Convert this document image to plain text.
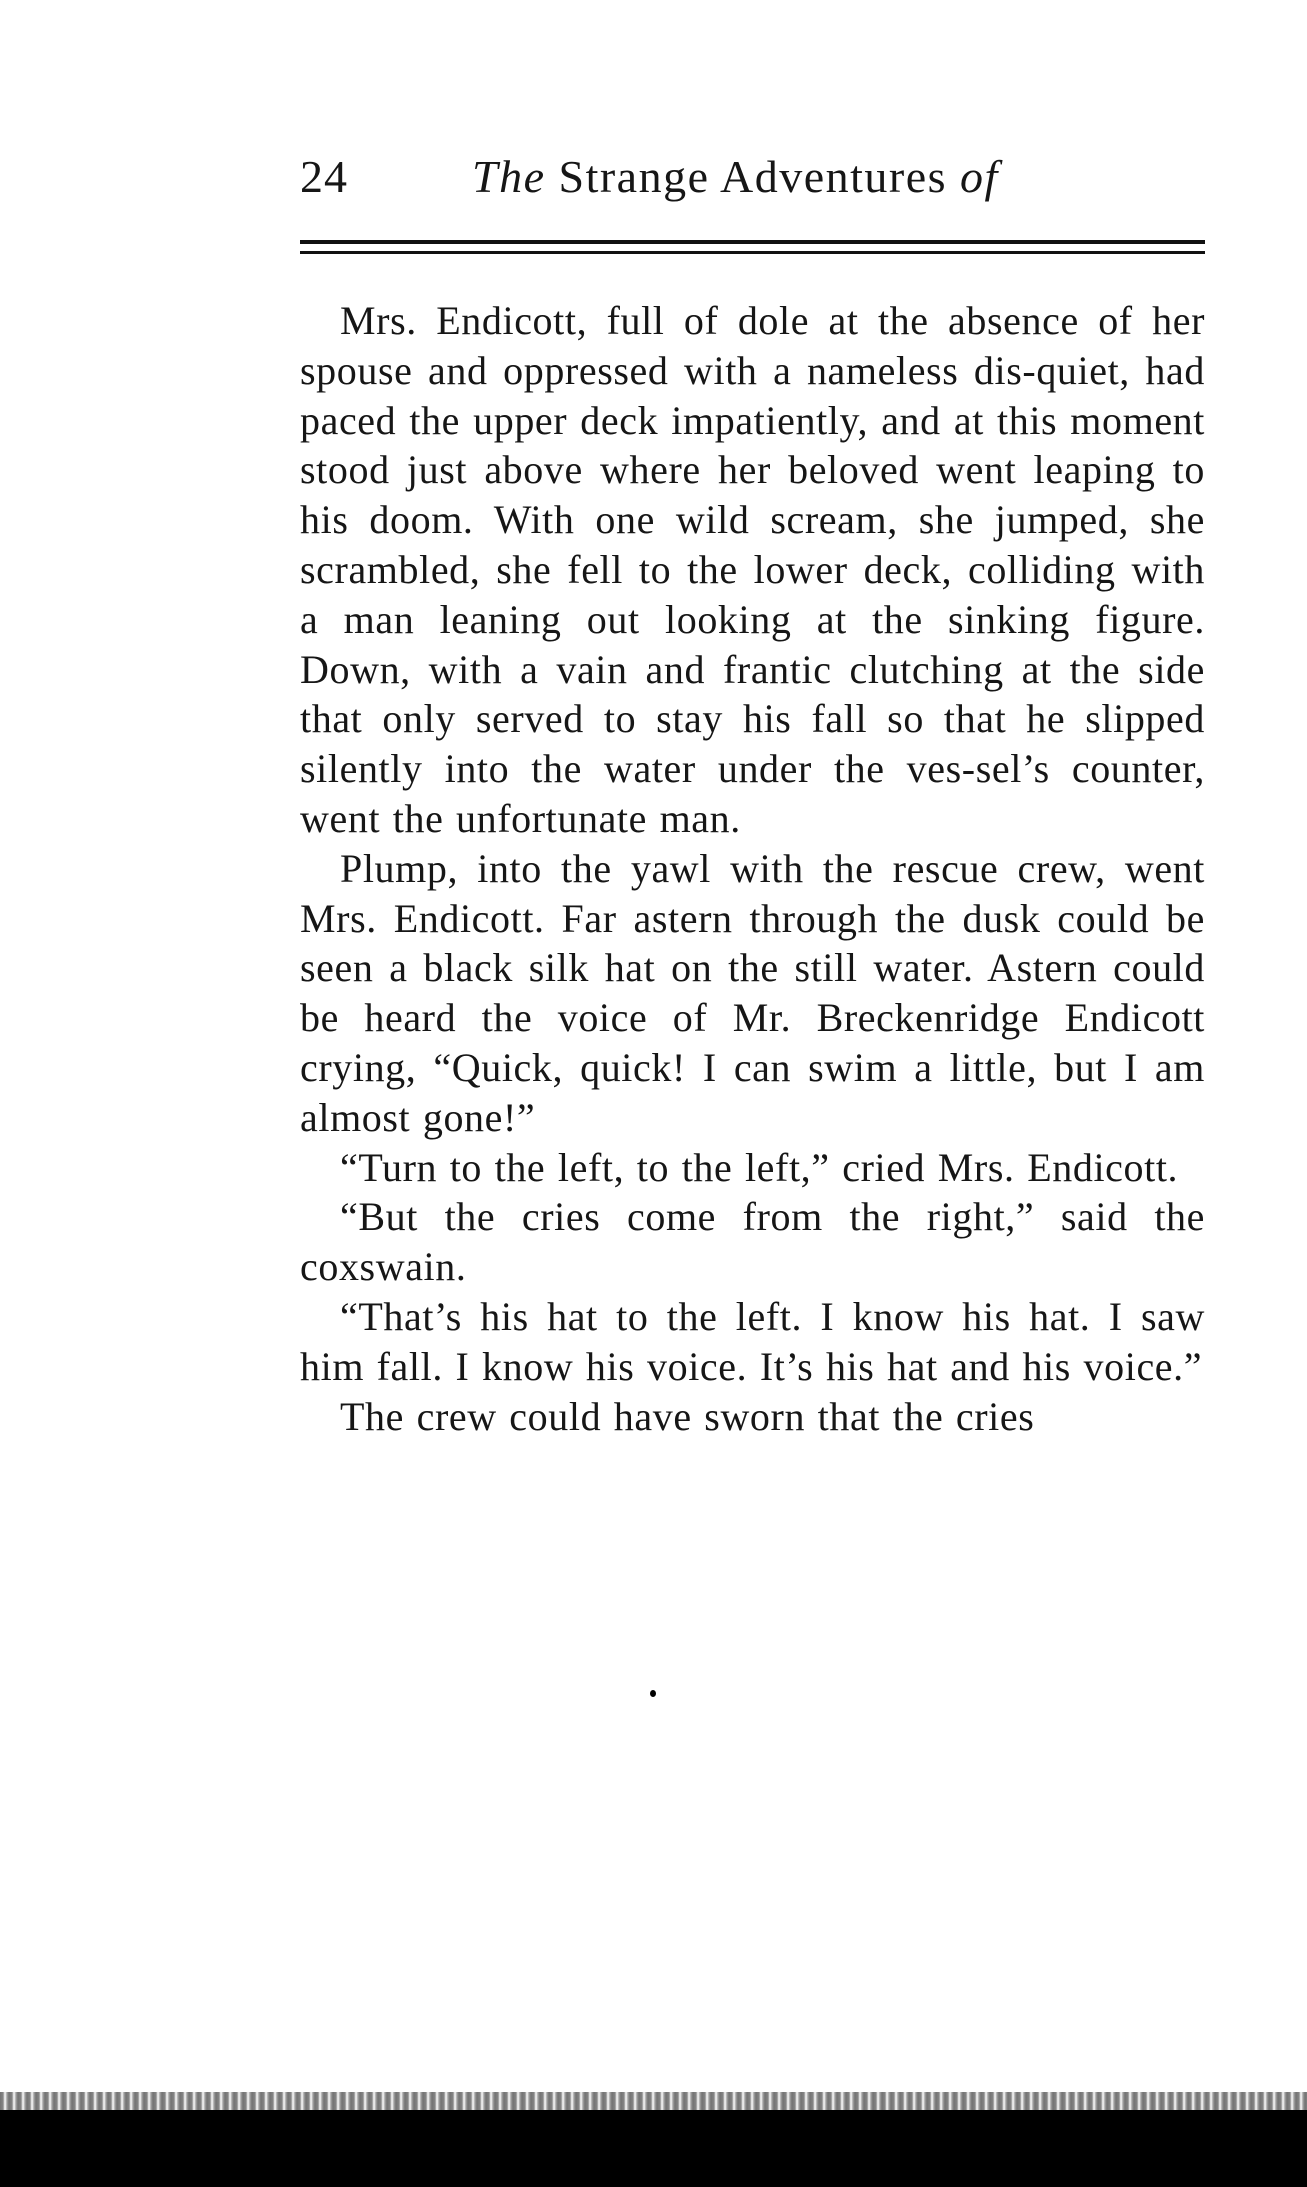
24	The Strange Adventures of

Mrs. Endicott, full of dole at the absence of her spouse and oppressed with a nameless dis-quiet, had paced the upper deck impatiently, and at this moment stood just above where her beloved went leaping to his doom. With one wild scream, she jumped, she scrambled, she fell to the lower deck, colliding with a man leaning out looking at the sinking figure. Down, with a vain and frantic clutching at the side that only served to stay his fall so that he slipped silently into the water under the ves-sel’s counter, went the unfortunate man.

Plump, into the yawl with the rescue crew, went Mrs. Endicott. Far astern through the dusk could be seen a black silk hat on the still water. Astern could be heard the voice of Mr. Breckenridge Endicott crying, “Quick, quick! I can swim a little, but I am almost gone!”

“Turn to the left, to the left,” cried Mrs. Endicott.

“But the cries come from the right,” said the coxswain.

“That’s his hat to the left. I know his hat. I saw him fall. I know his voice. It’s his hat and his voice.”

The crew could have sworn that the cries
